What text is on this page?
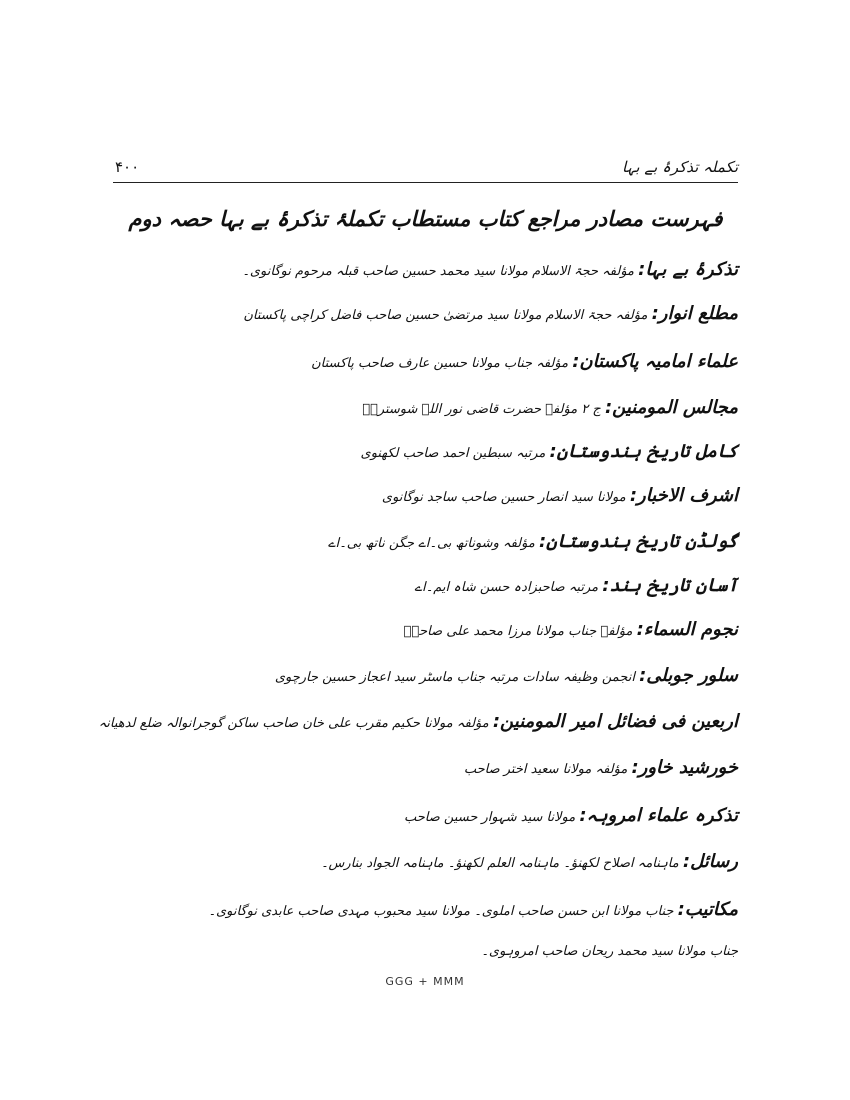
تکملہ تذکرۂ بے بہا
۴۰۰
فہرست مصادر مراجع کتاب مستطاب تکملۂ تذکرۂ بے بہا حصہ دوم
تذکرۂ بے بہا: مؤلفہ حجۃ الاسلام مولانا سید محمد حسین صاحب قبلہ مرحوم نوگانوی۔
مطلع انوار: مؤلفہ حجۃ الاسلام مولانا سید مرتضیٰ حسین صاحب فاضل کراچی پاکستان
علماء امامیہ پاکستان: مؤلفہ جناب مولانا حسین عارف صاحب پاکستان
مجالس المومنین: ج ۲ مؤلفہ حضرت قاضی نور اللہ شوستریؒ
کامل تاریخ ہندوستان: مرتبہ سبطین احمد صاحب لکھنوی
اشرف الاخبار: مولانا سید انصار حسین صاحب ساجد نوگانوی
گولڈن تاریخ ہندوستان: مؤلفہ وشوناتھ بی۔اے جگن ناتھ بی۔اے
آسان تاریخ ہند: مرتبہ صاحبزادہ حسن شاہ ایم۔اے
نجوم السماء: مؤلفہ جناب مولانا مرزا محمد علی صاحبؒ
سلور جوبلی: انجمن وظیفہ سادات مرتبہ جناب ماسٹر سید اعجاز حسین جارچوی
اربعین فی فضائل امیر المومنین: مؤلفہ مولانا حکیم مقرب علی خان صاحب ساکن گوجرانوالہ ضلع لدھیانہ
خورشید خاور: مؤلفہ مولانا سعید اختر صاحب
تذکرہ علماء امروہہ: مولانا سید شہوار حسین صاحب
رسائل: ماہنامہ اصلاح لکھنؤ۔ ماہنامہ العلم لکھنؤ۔ ماہنامہ الجواد بنارس۔
مکاتیب: جناب مولانا ابن حسن صاحب املوی۔ مولانا سید محبوب مہدی صاحب عابدی نوگانوی۔
جناب مولانا سید محمد ریحان صاحب امروہوی۔
GGG + MMM
